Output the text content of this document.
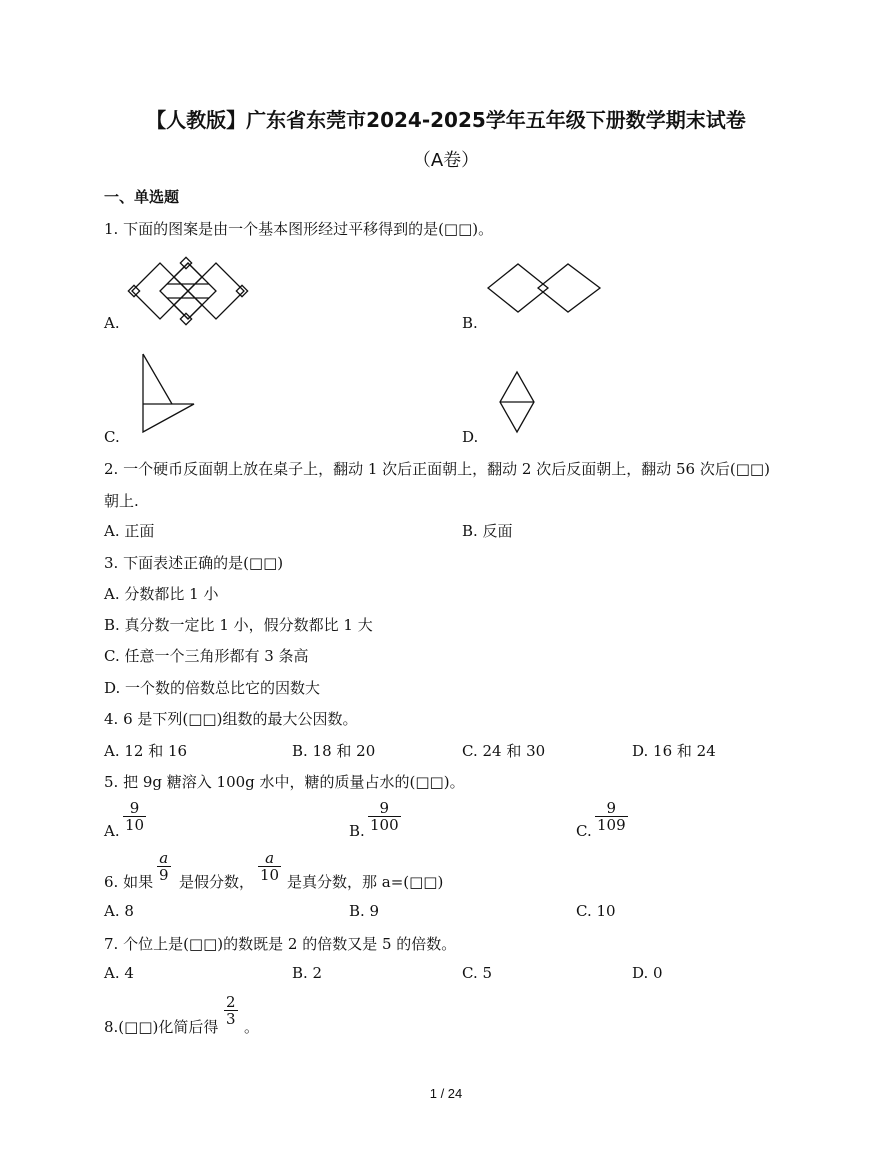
【人教版】广东省东莞市2024-2025学年五年级下册数学期末试卷
（A卷）
一、单选题
1. 下面的图案是由一个基本图形经过平移得到的是(□□)。
A.	B.
C.	D.
2. 一个硬币反面朝上放在桌子上，翻动 1 次后正面朝上，翻动 2 次后反面朝上，翻动 56 次后(□□)
朝上.
A. 正面	B. 反面
3. 下面表述正确的是(□□)
A. 分数都比 1 小
B. 真分数一定比 1 小，假分数都比 1 大
C. 任意一个三角形都有 3 条高
D. 一个数的倍数总比它的因数大
4. 6 是下列(□□)组数的最大公因数。
A. 12 和 16	B. 18 和 20	C. 24 和 30	D. 16 和 24
5. 把 9g 糖溶入 100g 水中，糖的质量占水的(□□)。
A. $\frac{9}{10}$	B. $\frac{9}{100}$	C. $\frac{9}{109}$
6. 如果 $\frac{a}{9}$ 是假分数， $\frac{a}{10}$ 是真分数，那 a=(□□)
A. 8	B. 9	C. 10
7. 个位上是(□□)的数既是 2 的倍数又是 5 的倍数。
A. 4	B. 2	C. 5	D. 0
8.(□□)化简后得 $\frac{2}{3}$ 。
1 / 24
